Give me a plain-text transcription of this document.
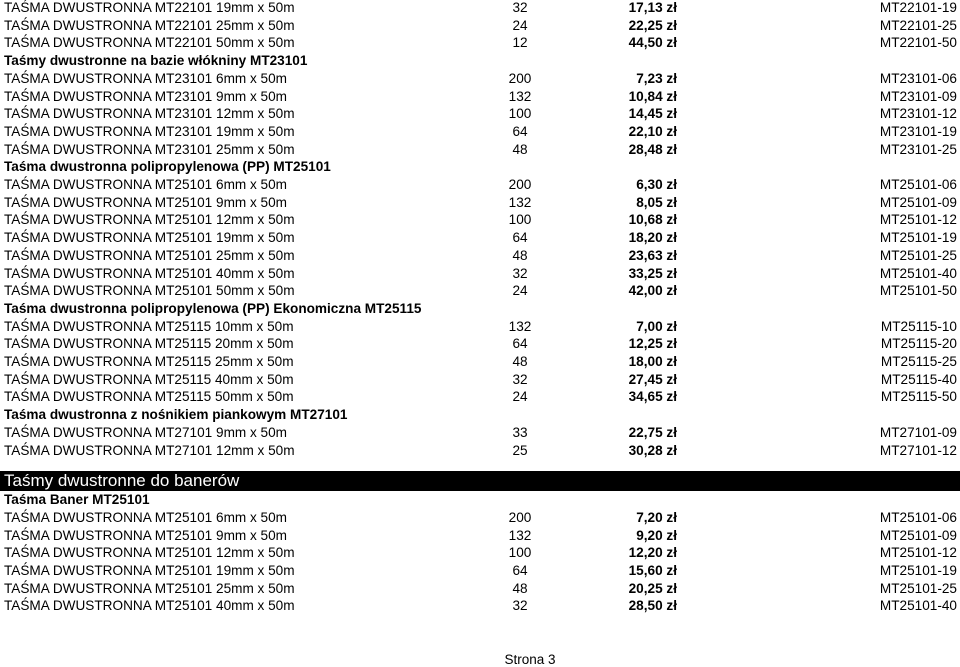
TAŚMA DWUSTRONNA MT22101 19mm x 50m	32	17,13 zł	MT22101-19
TAŚMA DWUSTRONNA MT22101 25mm x 50m	24	22,25 zł	MT22101-25
TAŚMA DWUSTRONNA MT22101 50mm x 50m	12	44,50 zł	MT22101-50
Taśmy dwustronne na bazie włókniny MT23101
TAŚMA DWUSTRONNA MT23101 6mm x 50m	200	7,23 zł	MT23101-06
TAŚMA DWUSTRONNA MT23101 9mm x 50m	132	10,84 zł	MT23101-09
TAŚMA DWUSTRONNA MT23101 12mm x 50m	100	14,45 zł	MT23101-12
TAŚMA DWUSTRONNA MT23101 19mm x 50m	64	22,10 zł	MT23101-19
TAŚMA DWUSTRONNA MT23101 25mm x 50m	48	28,48 zł	MT23101-25
Taśma dwustronna polipropylenowa (PP) MT25101
TAŚMA DWUSTRONNA MT25101 6mm x 50m	200	6,30 zł	MT25101-06
TAŚMA DWUSTRONNA MT25101 9mm x 50m	132	8,05 zł	MT25101-09
TAŚMA DWUSTRONNA MT25101 12mm x 50m	100	10,68 zł	MT25101-12
TAŚMA DWUSTRONNA MT25101 19mm x 50m	64	18,20 zł	MT25101-19
TAŚMA DWUSTRONNA MT25101 25mm x 50m	48	23,63 zł	MT25101-25
TAŚMA DWUSTRONNA MT25101 40mm x 50m	32	33,25 zł	MT25101-40
TAŚMA DWUSTRONNA MT25101 50mm x 50m	24	42,00 zł	MT25101-50
Taśma dwustronna polipropylenowa (PP) Ekonomiczna MT25115
TAŚMA DWUSTRONNA MT25115 10mm x 50m	132	7,00 zł	MT25115-10
TAŚMA DWUSTRONNA MT25115 20mm x 50m	64	12,25 zł	MT25115-20
TAŚMA DWUSTRONNA MT25115 25mm x 50m	48	18,00 zł	MT25115-25
TAŚMA DWUSTRONNA MT25115 40mm x 50m	32	27,45 zł	MT25115-40
TAŚMA DWUSTRONNA MT25115 50mm x 50m	24	34,65 zł	MT25115-50
Taśma dwustronna z nośnikiem piankowym MT27101
TAŚMA DWUSTRONNA MT27101 9mm x 50m	33	22,75 zł	MT27101-09
TAŚMA DWUSTRONNA MT27101 12mm x 50m	25	30,28 zł	MT27101-12
Taśmy dwustronne do banerów
Taśma Baner MT25101
TAŚMA DWUSTRONNA MT25101 6mm x 50m	200	7,20 zł	MT25101-06
TAŚMA DWUSTRONNA MT25101 9mm x 50m	132	9,20 zł	MT25101-09
TAŚMA DWUSTRONNA MT25101 12mm x 50m	100	12,20 zł	MT25101-12
TAŚMA DWUSTRONNA MT25101 19mm x 50m	64	15,60 zł	MT25101-19
TAŚMA DWUSTRONNA MT25101 25mm x 50m	48	20,25 zł	MT25101-25
TAŚMA DWUSTRONNA MT25101 40mm x 50m	32	28,50 zł	MT25101-40
Strona 3
